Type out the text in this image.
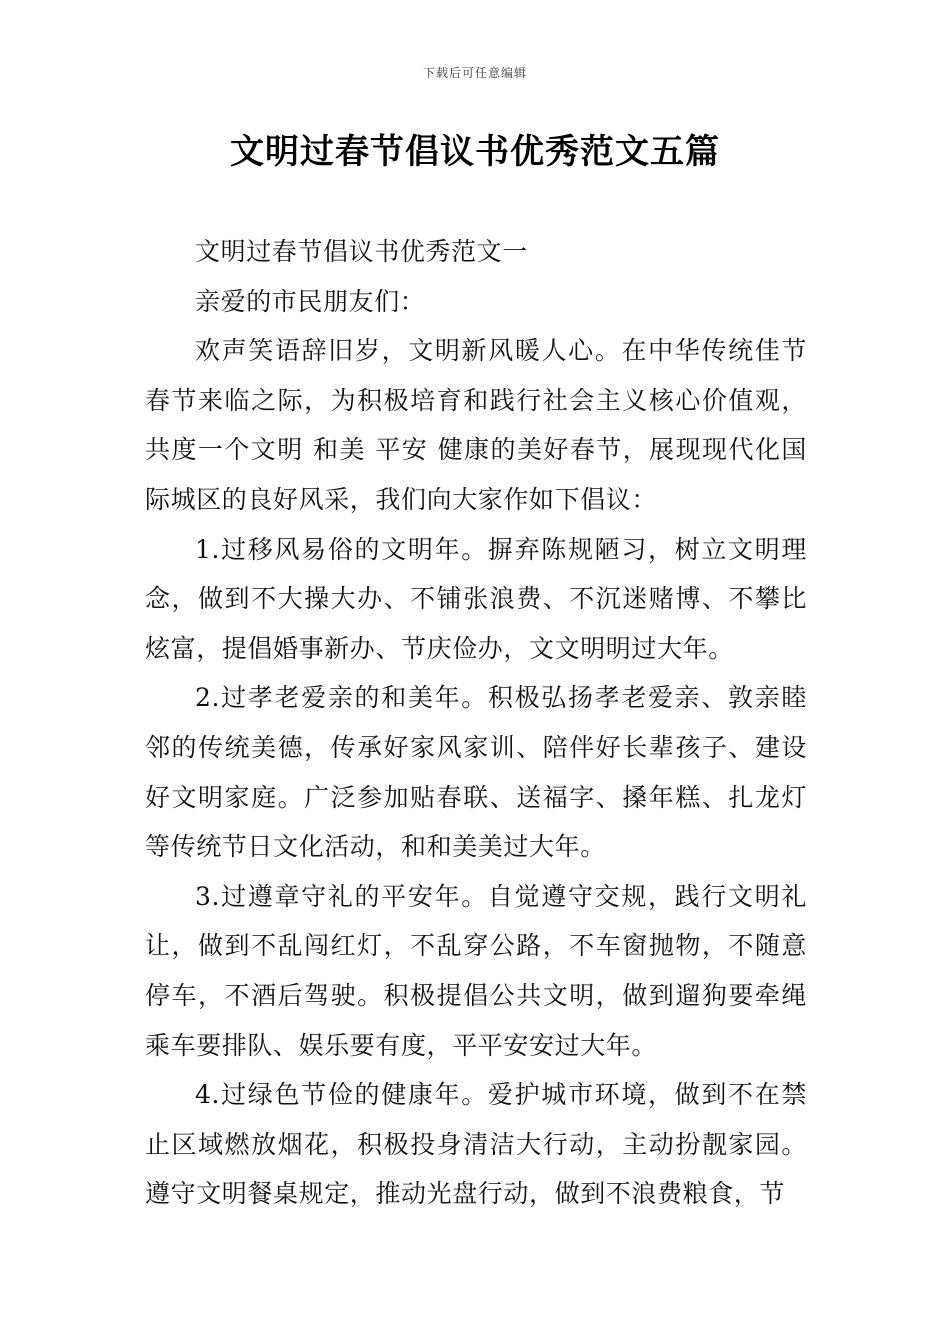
下载后可任意编辑
文明过春节倡议书优秀范文五篇

文明过春节倡议书优秀范文一

亲爱的市民朋友们：

欢声笑语辞旧岁，文明新风暖人心。在中华传统佳节春节来临之际，为积极培育和践行社会主义核心价值观，共度一个文明 和美 平安 健康的美好春节，展现现代化国际城区的良好风采，我们向大家作如下倡议：

1.过移风易俗的文明年。摒弃陈规陋习，树立文明理念，做到不大操大办、不铺张浪费、不沉迷赌博、不攀比炫富，提倡婚事新办、节庆俭办，文文明明过大年。

2.过孝老爱亲的和美年。积极弘扬孝老爱亲、敦亲睦邻的传统美德，传承好家风家训、陪伴好长辈孩子、建设好文明家庭。广泛参加贴春联、送福字、搡年糕、扎龙灯等传统节日文化活动，和和美美过大年。

3.过遵章守礼的平安年。自觉遵守交规，践行文明礼让，做到不乱闯红灯，不乱穿公路，不车窗抛物，不随意停车，不酒后驾驶。积极提倡公共文明，做到遛狗要牵绳乘车要排队、娱乐要有度，平平安安过大年。

4.过绿色节俭的健康年。爱护城市环境，做到不在禁止区域燃放烟花，积极投身清洁大行动，主动扮靓家园。遵守文明餐桌规定，推动光盘行动，做到不浪费粮食，节
